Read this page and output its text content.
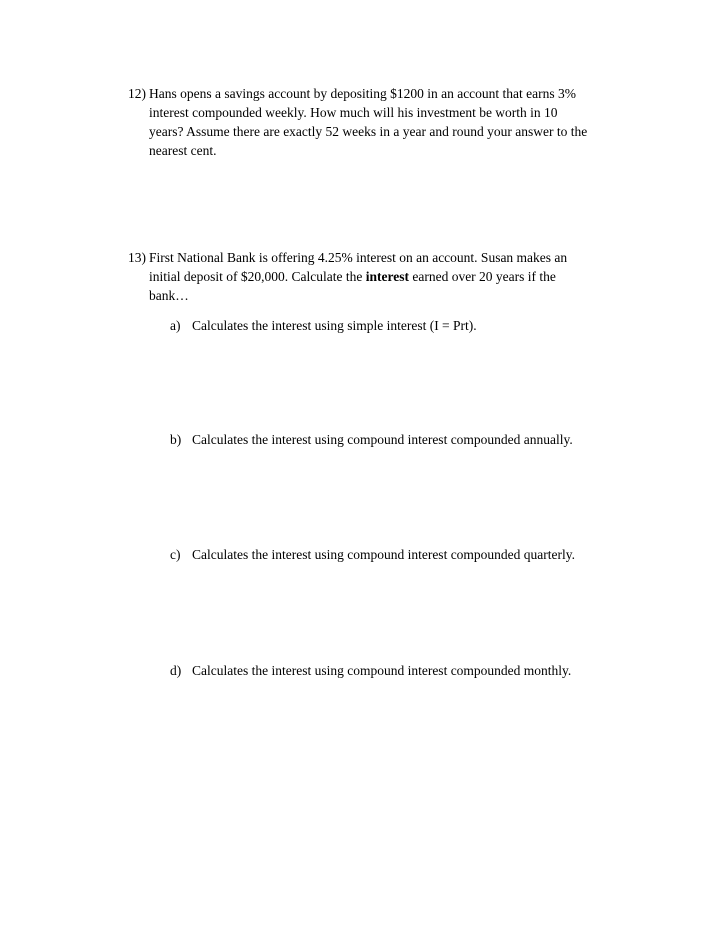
12) Hans opens a savings account by depositing $1200 in an account that earns 3%
interest compounded weekly. How much will his investment be worth in 10
years? Assume there are exactly 52 weeks in a year and round your answer to the
nearest cent.
13) First National Bank is offering 4.25% interest on an account. Susan makes an
initial deposit of $20,000. Calculate the interest earned over 20 years if the
bank…
a) Calculates the interest using simple interest (I = Prt).
b) Calculates the interest using compound interest compounded annually.
c) Calculates the interest using compound interest compounded quarterly.
d) Calculates the interest using compound interest compounded monthly.
